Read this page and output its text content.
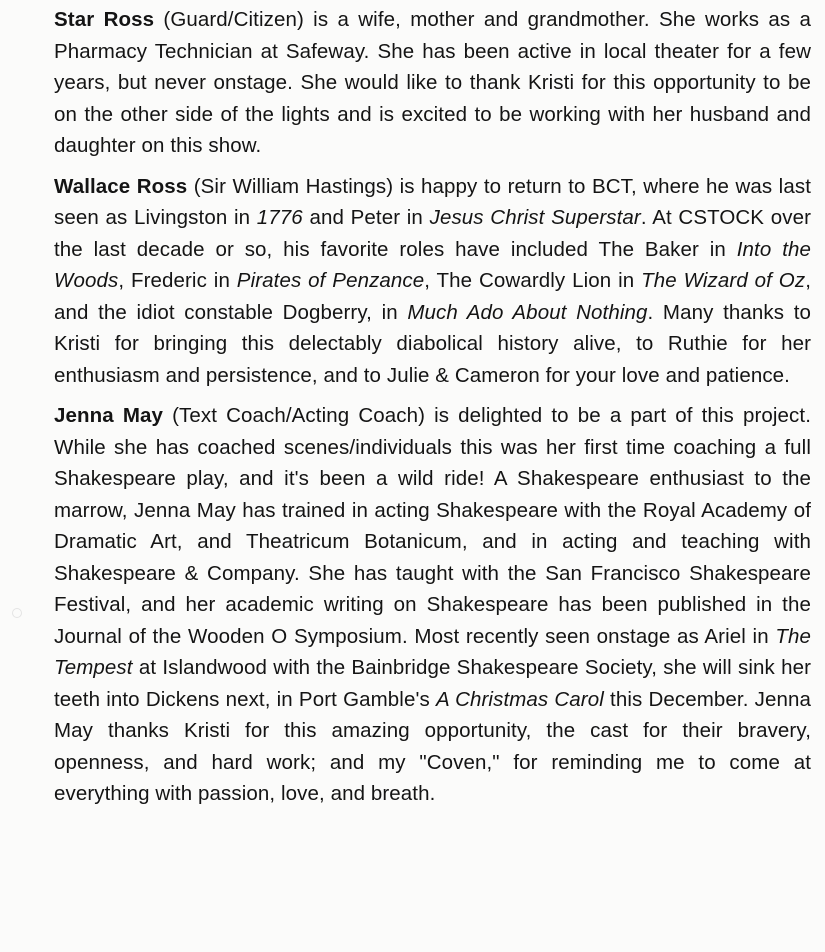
Star Ross (Guard/Citizen) is a wife, mother and grandmother. She works as a Pharmacy Technician at Safeway. She has been active in local theater for a few years, but never onstage. She would like to thank Kristi for this opportunity to be on the other side of the lights and is excited to be working with her husband and daughter on this show.

Wallace Ross (Sir William Hastings) is happy to return to BCT, where he was last seen as Livingston in 1776 and Peter in Jesus Christ Superstar. At CSTOCK over the last decade or so, his favorite roles have included The Baker in Into the Woods, Frederic in Pirates of Penzance, The Cowardly Lion in The Wizard of Oz, and the idiot constable Dogberry, in Much Ado About Nothing. Many thanks to Kristi for bringing this delectably diabolical history alive, to Ruthie for her enthusiasm and persistence, and to Julie & Cameron for your love and patience.

Jenna May (Text Coach/Acting Coach) is delighted to be a part of this project. While she has coached scenes/individuals this was her first time coaching a full Shakespeare play, and it's been a wild ride! A Shakespeare enthusiast to the marrow, Jenna May has trained in acting Shakespeare with the Royal Academy of Dramatic Art, and Theatricum Botanicum, and in acting and teaching with Shakespeare & Company. She has taught with the San Francisco Shakespeare Festival, and her academic writing on Shakespeare has been published in the Journal of the Wooden O Symposium. Most recently seen onstage as Ariel in The Tempest at Islandwood with the Bainbridge Shakespeare Society, she will sink her teeth into Dickens next, in Port Gamble's A Christmas Carol this December. Jenna May thanks Kristi for this amazing opportunity, the cast for their bravery, openness, and hard work; and my "Coven," for reminding me to come at everything with passion, love, and breath.
